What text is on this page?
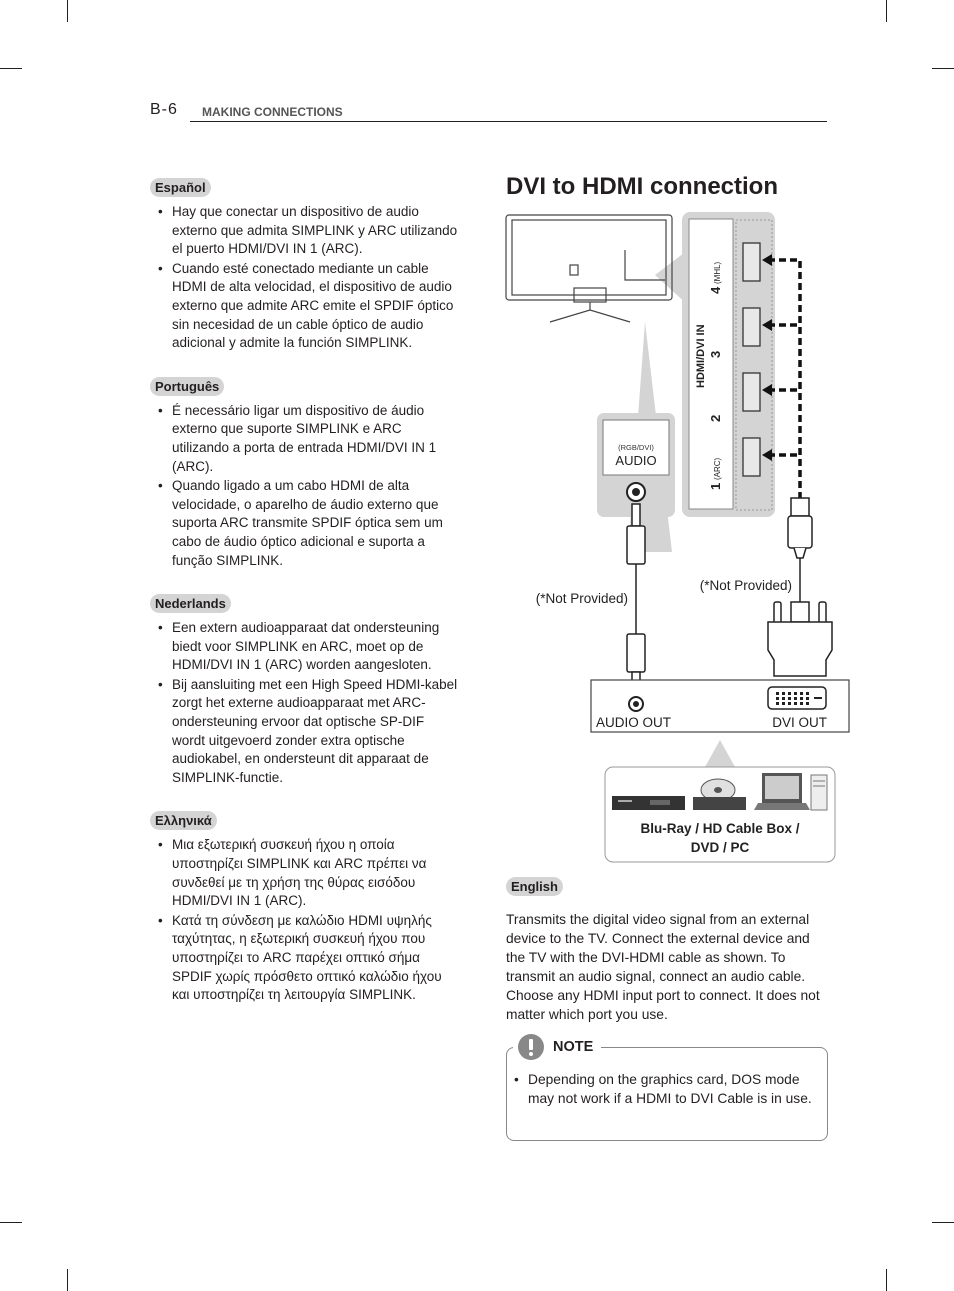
B-6 MAKING CONNECTIONS
Español
• Hay que conectar un dispositivo de audio externo que admita SIMPLINK y ARC utilizando el puerto HDMI/DVI IN 1 (ARC).
• Cuando esté conectado mediante un cable HDMI de alta velocidad, el dispositivo de audio externo que admite ARC emite el SPDIF óptico sin necesidad de un cable óptico de audio adicional y admite la función SIMPLINK.
Português
• É necessário ligar um dispositivo de áudio externo que suporte SIMPLINK e ARC utilizando a porta de entrada HDMI/DVI IN 1 (ARC).
• Quando ligado a um cabo HDMI de alta velocidade, o aparelho de áudio externo que suporta ARC transmite SPDIF óptica sem um cabo de áudio óptico adicional e suporta a função SIMPLINK.
Nederlands
• Een extern audioapparaat dat ondersteuning biedt voor SIMPLINK en ARC, moet op de HDMI/DVI IN 1 (ARC) worden aangesloten.
• Bij aansluiting met een High Speed HDMI-kabel zorgt het externe audioapparaat met ARC-ondersteuning ervoor dat optische SP-DIF wordt uitgevoerd zonder extra optische audiokabel, en ondersteunt dit apparaat de SIMPLINK-functie.
Ελληνικά
• Μια εξωτερική συσκευή ήχου η οποία υποστηρίζει SIMPLINK και ARC πρέπει να συνδεθεί με τη χρήση της θύρας εισόδου HDMI/DVI IN 1 (ARC).
• Κατά τη σύνδεση με καλώδιο HDMI υψηλής ταχύτητας, η εξωτερική συσκευή ήχου που υποστηρίζει το ARC παρέχει οπτικό σήμα SPDIF χωρίς πρόσθετο οπτικό καλώδιο ήχου και υποστηρίζει τη λειτουργία SIMPLINK.
DVI to HDMI connection
1
(ARC)
2
3
4
(MHL)
HDMI/DVI IN
(RGB/DVI)
AUDIO
(*Not Provided)
(*Not Provided)
AUDIO OUT	DVI OUT
Blu-Ray / HD Cable Box /
DVD / PC
English

Transmits the digital video signal from an external device to the TV. Connect the external device and the TV with the DVI-HDMI cable as shown. To transmit an audio signal, connect an audio cable. Choose any HDMI input port to connect. It does not matter which port you use.

NOTE
• Depending on the graphics card, DOS mode may not work if a HDMI to DVI Cable is in use.
